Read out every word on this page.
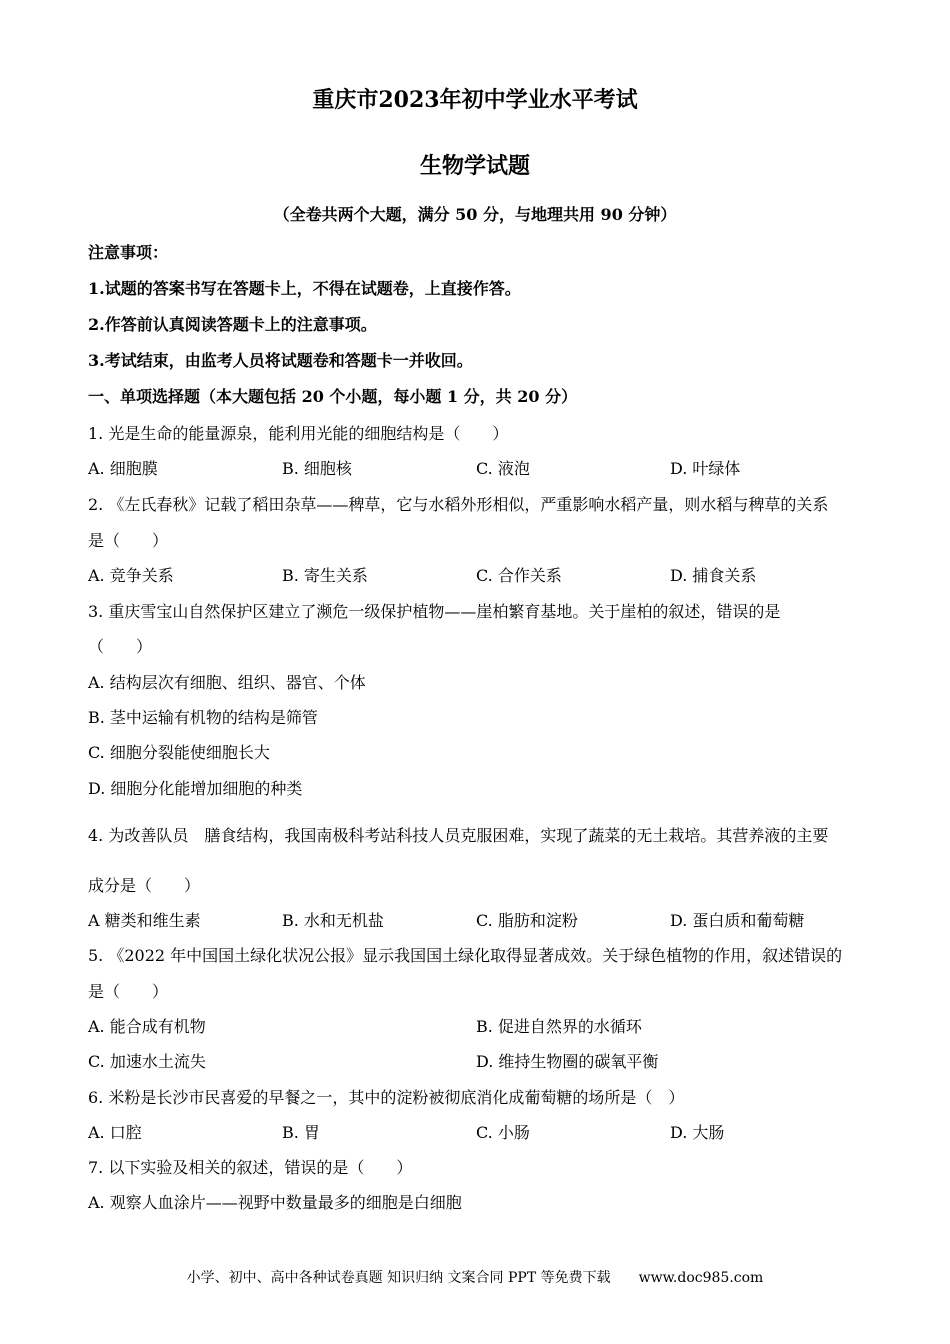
重庆市2023年初中学业水平考试
生物学试题
（全卷共两个大题，满分 50 分，与地理共用 90 分钟）
注意事项：
1.试题的答案书写在答题卡上，不得在试题卷，上直接作答。
2.作答前认真阅读答题卡上的注意事项。
3.考试结束，由监考人员将试题卷和答题卡一并收回。
一、单项选择题（本大题包括 20 个小题，每小题 1 分，共 20 分）
1. 光是生命的能量源泉，能利用光能的细胞结构是（　　）
A. 细胞膜	B. 细胞核	C. 液泡	D. 叶绿体
2. 《左氏春秋》记载了稻田杂草——稗草，它与水稻外形相似，严重影响水稻产量，则水稻与稗草的关系
是（　　）
A. 竞争关系	B. 寄生关系	C. 合作关系	D. 捕食关系
3. 重庆雪宝山自然保护区建立了濒危一级保护植物——崖柏繁育基地。关于崖柏的叙述，错误的是
（　　）
A. 结构层次有细胞、组织、器官、个体
B. 茎中运输有机物的结构是筛管
C. 细胞分裂能使细胞长大
D. 细胞分化能增加细胞的种类
4. 为改善队员　膳食结构，我国南极科考站科技人员克服困难，实现了蔬菜的无土栽培。其营养液的主要
成分是（　　）
A 糖类和维生素	B. 水和无机盐	C. 脂肪和淀粉	D. 蛋白质和葡萄糖
5. 《2022 年中国国土绿化状况公报》显示我国国土绿化取得显著成效。关于绿色植物的作用，叙述错误的
是（　　）
A. 能合成有机物	B. 促进自然界的水循环
C. 加速水土流失	D. 维持生物圈的碳氧平衡
6. 米粉是长沙市民喜爱的早餐之一，其中的淀粉被彻底消化成葡萄糖的场所是（　）
A. 口腔	B. 胃	C. 小肠	D. 大肠
7. 以下实验及相关的叙述，错误的是（　　）
A. 观察人血涂片——视野中数量最多的细胞是白细胞
小学、初中、高中各种试卷真题 知识归纳 文案合同 PPT 等免费下载　　www.doc985.com
